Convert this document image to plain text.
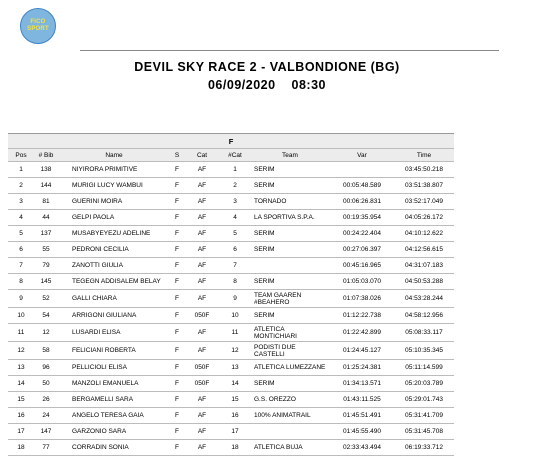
FICO
SPORT
DEVIL SKY RACE 2 - VALBONDIONE (BG)
06/09/2020 08:30
F								
Pos	# Bib	Name	S	Cat	#Cat	Team	Var	Time
1	138	NIYIRORA PRIMITIVE	F	AF	1	SERIM		03:45:50.218
2	144	MURIGI LUCY WAMBUI	F	AF	2	SERIM	00:05:48.589	03:51:38.807
3	81	GUERINI MOIRA	F	AF	3	TORNADO	00:06:26.831	03:52:17.049
4	44	GELPI PAOLA	F	AF	4	LA SPORTIVA S.P.A.	00:19:35.954	04:05:26.172
5	137	MUSABYEYEZU ADELINE	F	AF	5	SERIM	00:24:22.404	04:10:12.622
6	55	PEDRONI CECILIA	F	AF	6	SERIM	00:27:06.397	04:12:56.615
7	79	ZANOTTI GIULIA	F	AF	7		00:45:16.965	04:31:07.183
8	145	TEGEGN ADDISALEM BELAY	F	AF	8	SERIM	01:05:03.070	04:50:53.288
9	52	GALLI CHIARA	F	AF	9	TEAM GAAREN #BEAHERO	01:07:38.026	04:53:28.244
10	54	ARRIGONI GIULIANA	F	050F	10	SERIM	01:12:22.738	04:58:12.956
11	12	LUSARDI ELISA	F	AF	11	ATLETICA MONTICHIARI	01:22:42.899	05:08:33.117
12	58	FELICIANI ROBERTA	F	AF	12	PODISTI DUE CASTELLI	01:24:45.127	05:10:35.345
13	96	PELLICIOLI ELISA	F	050F	13	ATLETICA LUMEZZANE	01:25:24.381	05:11:14.599
14	50	MANZOLI EMANUELA	F	050F	14	SERIM	01:34:13.571	05:20:03.789
15	26	BERGAMELLI SARA	F	AF	15	G.S. OREZZO	01:43:11.525	05:29:01.743
16	24	ANGELO TERESA GAIA	F	AF	16	100% ANIMATRAIL	01:45:51.491	05:31:41.709
17	147	GARZONIO SARA	F	AF	17		01:45:55.490	05:31:45.708
18	77	CORRADIN SONIA	F	AF	18	ATLETICA BUJA	02:33:43.494	06:19:33.712
